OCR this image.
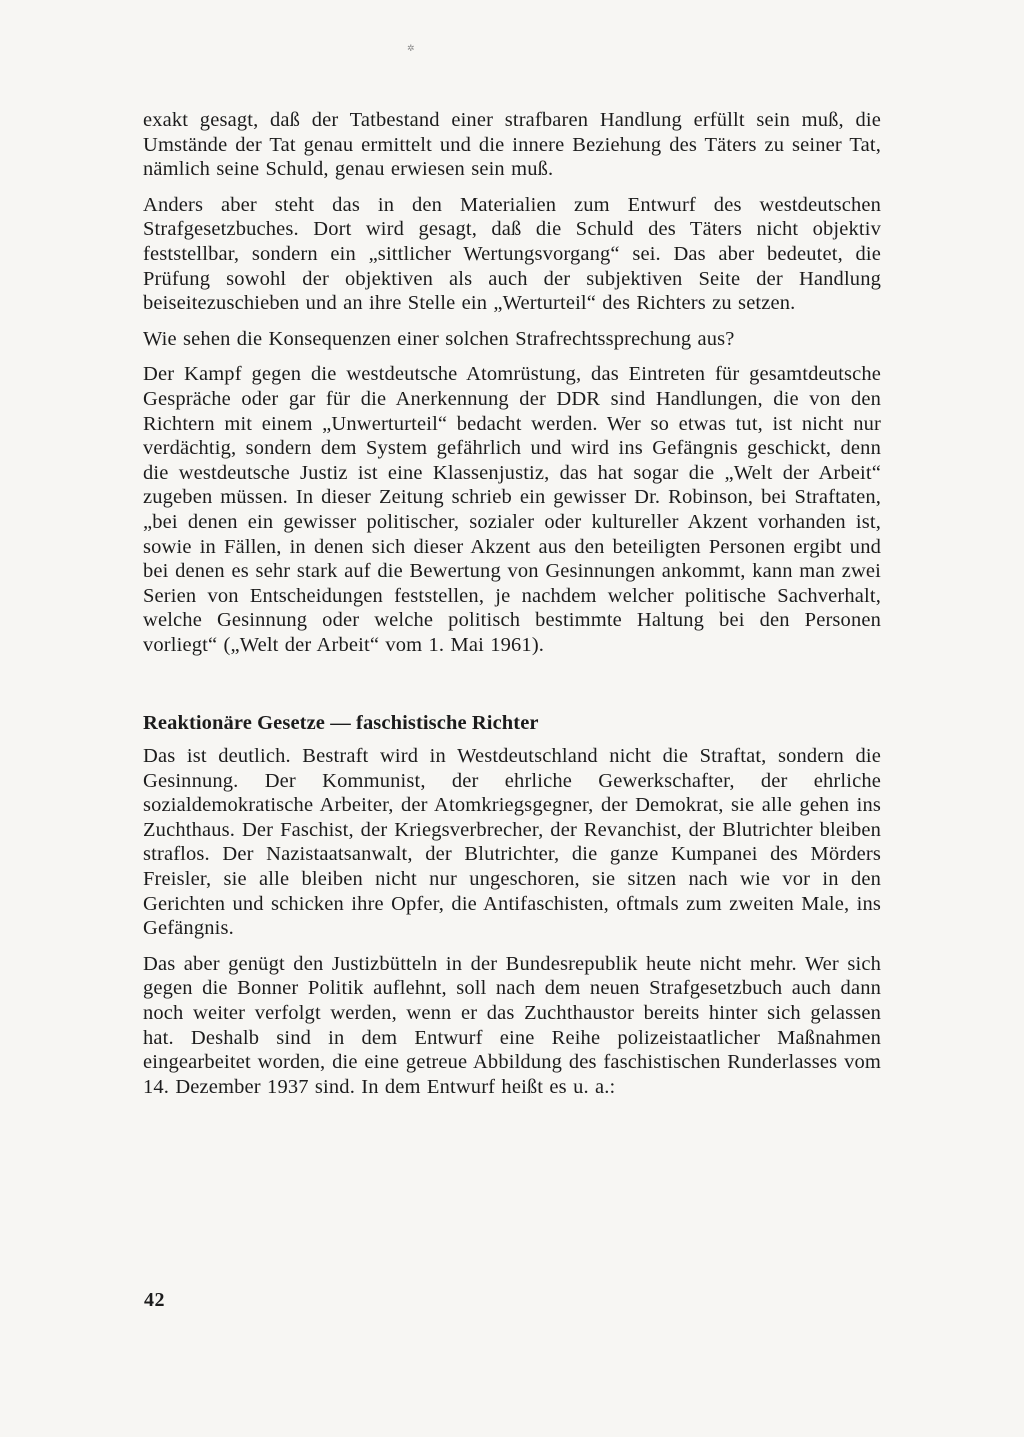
✲

exakt gesagt, daß der Tatbestand einer strafbaren Handlung erfüllt sein muß, die Umstände der Tat genau ermittelt und die innere Beziehung des Täters zu seiner Tat, nämlich seine Schuld, genau erwiesen sein muß.

Anders aber steht das in den Materialien zum Entwurf des westdeutschen Strafgesetzbuches. Dort wird gesagt, daß die Schuld des Täters nicht objektiv feststellbar, sondern ein „sittlicher Wertungsvorgang“ sei. Das aber bedeutet, die Prüfung sowohl der objektiven als auch der subjektiven Seite der Handlung beiseitezuschieben und an ihre Stelle ein „Werturteil“ des Richters zu setzen.

Wie sehen die Konsequenzen einer solchen Strafrechtssprechung aus?

Der Kampf gegen die westdeutsche Atomrüstung, das Eintreten für gesamtdeutsche Gespräche oder gar für die Anerkennung der DDR sind Handlungen, die von den Richtern mit einem „Unwerturteil“ bedacht werden. Wer so etwas tut, ist nicht nur verdächtig, sondern dem System gefährlich und wird ins Gefängnis geschickt, denn die westdeutsche Justiz ist eine Klassenjustiz, das hat sogar die „Welt der Arbeit“ zugeben müssen. In dieser Zeitung schrieb ein gewisser Dr. Robinson, bei Straftaten, „bei denen ein gewisser politischer, sozialer oder kultureller Akzent vorhanden ist, sowie in Fällen, in denen sich dieser Akzent aus den beteiligten Personen ergibt und bei denen es sehr stark auf die Bewertung von Gesinnungen ankommt, kann man zwei Serien von Entscheidungen feststellen, je nachdem welcher politische Sachverhalt, welche Gesinnung oder welche politisch bestimmte Haltung bei den Personen vorliegt“ („Welt der Arbeit“ vom 1. Mai 1961).

Reaktionäre Gesetze — faschistische Richter

Das ist deutlich. Bestraft wird in Westdeutschland nicht die Straftat, sondern die Gesinnung. Der Kommunist, der ehrliche Gewerkschafter, der ehrliche sozialdemokratische Arbeiter, der Atomkriegsgegner, der Demokrat, sie alle gehen ins Zuchthaus. Der Faschist, der Kriegsverbrecher, der Revanchist, der Blutrichter bleiben straflos. Der Nazistaatsanwalt, der Blutrichter, die ganze Kumpanei des Mörders Freisler, sie alle bleiben nicht nur ungeschoren, sie sitzen nach wie vor in den Gerichten und schicken ihre Opfer, die Antifaschisten, oftmals zum zweiten Male, ins Gefängnis.

Das aber genügt den Justizbütteln in der Bundesrepublik heute nicht mehr. Wer sich gegen die Bonner Politik auflehnt, soll nach dem neuen Strafgesetzbuch auch dann noch weiter verfolgt werden, wenn er das Zuchthaustor bereits hinter sich gelassen hat. Deshalb sind in dem Entwurf eine Reihe polizeistaatlicher Maßnahmen eingearbeitet worden, die eine getreue Abbildung des faschistischen Runderlasses vom 14. Dezember 1937 sind. In dem Entwurf heißt es u. a.:

42
